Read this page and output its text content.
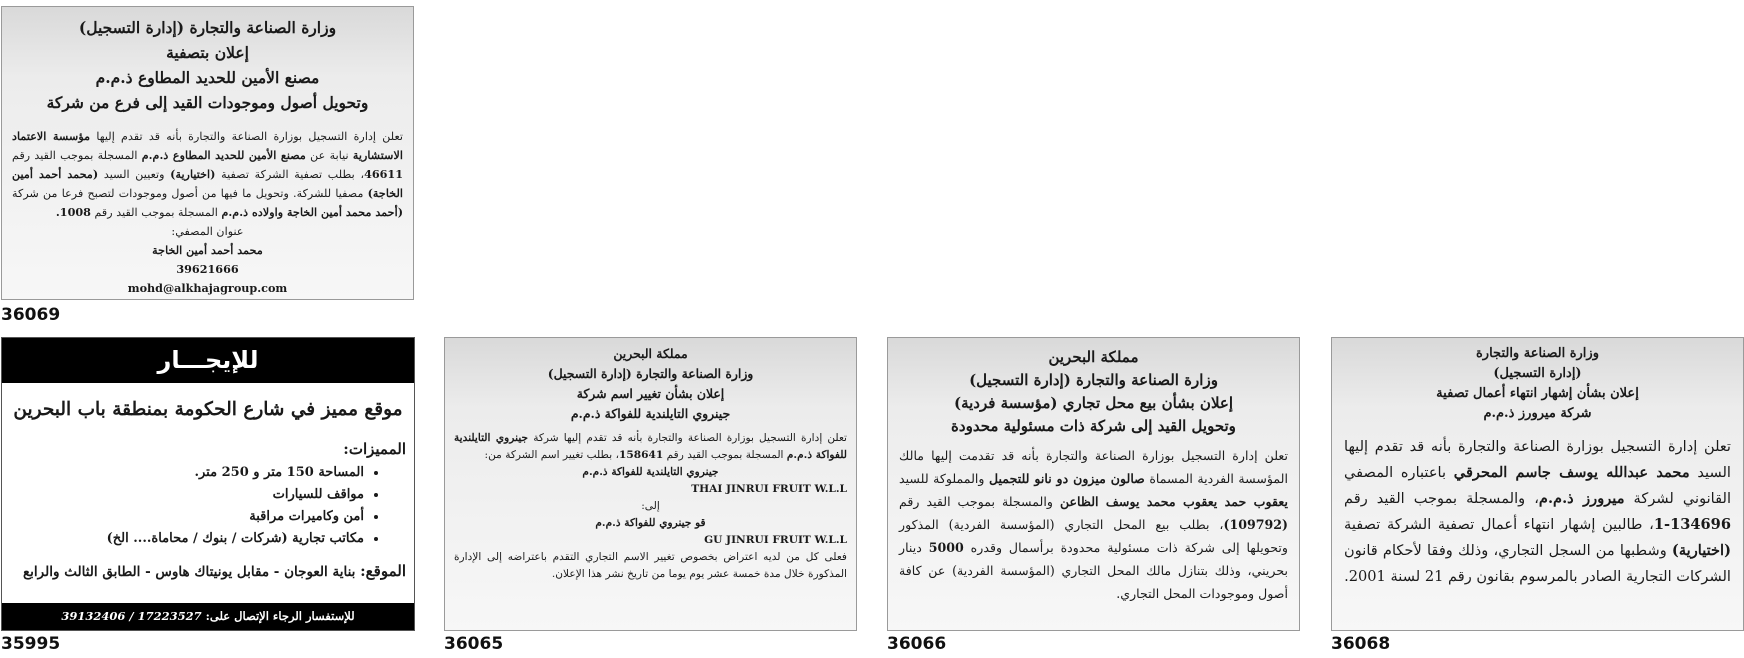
وزارة الصناعة والتجارة (إدارة التسجيل)
إعلان بتصفية
مصنع الأمين للحديد المطاوع ذ.م.م
وتحويل أصول وموجودات القيد إلى فرع من شركة

تعلن إدارة التسجيل بوزارة الصناعة والتجارة بأنه قد تقدم إليها مؤسسة الاعتماد الاستشارية نيابة عن مصنع الأمين للحديد المطاوع ذ.م.م المسجلة بموجب القيد رقم 46611، بطلب تصفية الشركة تصفية (اختيارية) وتعيين السيد (محمد أحمد أمين الخاجة) مصفيا للشركة. وتحويل ما فيها من أصول وموجودات لتصبح فرعا من شركة (أحمد محمد أمين الخاجة واولاده ذ.م.م المسجلة بموجب القيد رقم 1008.

عنوان المصفي:
محمد أحمد أمين الخاجة
39621666
mohd@alkhajagroup.com
36069
وزارة الصناعة والتجارة
(إدارة التسجيل)
إعلان بشأن إشهار انتهاء أعمال تصفية
شركة ميرورز ذ.م.م

تعلن إدارة التسجيل بوزارة الصناعة والتجارة بأنه قد تقدم إليها السيد محمد عبدالله يوسف جاسم المحرقي باعتباره المصفي القانوني لشركة ميرورز ذ.م.م، والمسجلة بموجب القيد رقم 134696-1، طالبين إشهار انتهاء أعمال تصفية الشركة تصفية (اختيارية) وشطبها من السجل التجاري، وذلك وفقا لأحكام قانون الشركات التجارية الصادر بالمرسوم بقانون رقم 21 لسنة 2001.

36068
مملكة البحرين
وزارة الصناعة والتجارة (إدارة التسجيل)
إعلان بشأن بيع محل تجاري (مؤسسة فردية)
وتحويل القيد إلى شركة ذات مسئولية محدودة

تعلن إدارة التسجيل بوزارة الصناعة والتجارة بأنه قد تقدمت إليها مالك المؤسسة الفردية المسماة صالون ميزون دو نانو للتجميل والمملوكة للسيد يعقوب حمد يعقوب محمد يوسف الظاعن والمسجلة بموجب القيد رقم (109792)، بطلب بيع المحل التجاري (المؤسسة الفردية) المذكور وتحويلها إلى شركة ذات مسئولية محدودة برأسمال وقدره 5000 دينار بحريني، وذلك بتنازل مالك المحل التجاري (المؤسسة الفردية) عن كافة أصول وموجودات المحل التجاري.

36066
مملكة البحرين
وزارة الصناعة والتجارة (إدارة التسجيل)
إعلان بشأن تغيير اسم شركة
جينروي التايلندية للفواكة ذ.م.م

تعلن إدارة التسجيل بوزارة الصناعة والتجارة بأنه قد تقدم إليها شركة جينروي التايلندية للفواكة ذ.م.م المسجلة بموجب القيد رقم 158641، بطلب تغيير اسم الشركة من:

جينروي التايلندية للفواكة ذ.م.م
THAI JINRUI FRUIT W.L.L
إلى:
قو جينروي للفواكة ذ.م.م
GU JINRUI FRUIT W.L.L

فعلى كل من لديه اعتراض بخصوص تغيير الاسم التجاري التقدم باعتراضه إلى الإدارة المذكورة خلال مدة خمسة عشر يوم يوما من تاريخ نشر هذا الإعلان.

36065
للإيجـــار
موقع مميز في شارع الحكومة بمنطقة باب البحرين
المميزات:
• المساحة 150 متر و 250 متر.
• مواقف للسيارات
• أمن وكاميرات مراقبة
• مكاتب تجارية (شركات / بنوك / محاماة.... الخ)
الموقع: بناية العوجان - مقابل يونيتاك هاوس - الطابق الثالث والرابع
للإستفسار الرجاء الإتصال على: 39132406 / 17223527
35995
